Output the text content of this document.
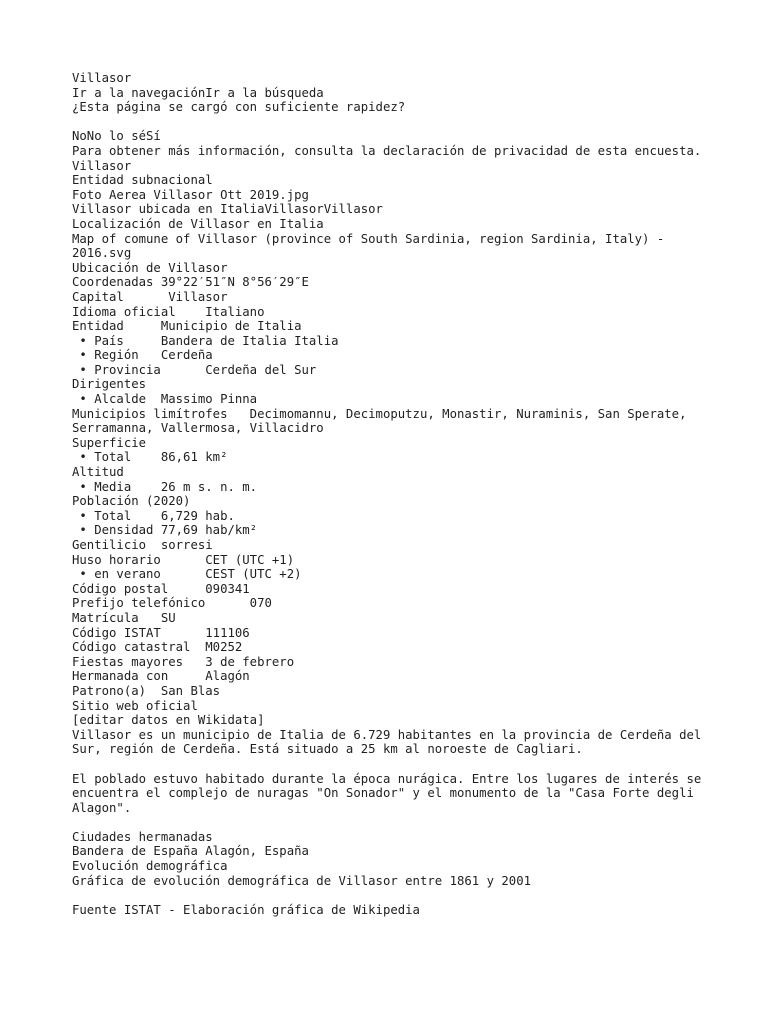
Villasor
Ir a la navegaciónIr a la búsqueda
¿Esta página se cargó con suficiente rapidez?
NoNo lo séSí
Para obtener más información, consulta la declaración de privacidad de esta encuesta.
Villasor
Entidad subnacional
Foto Aerea Villasor Ott 2019.jpg
Villasor ubicada en ItaliaVillasorVillasor
Localización de Villasor en Italia
Map of comune of Villasor (province of South Sardinia, region Sardinia, Italy) - 2016.svg
Ubicación de Villasor
Coordenadas 39°22′51″N 8°56′29″E
Capital      Villasor
Idioma oficial    Italiano
Entidad     Municipio de Italia
• País     Bandera de Italia Italia
• Región   Cerdeña
• Provincia      Cerdeña del Sur
Dirigentes
• Alcalde  Massimo Pinna
Municipios limítrofes   Decimomannu, Decimoputzu, Monastir, Nuraminis, San Sperate, Serramanna, Vallermosa, Villacidro
Superficie
• Total    86,61 km²
Altitud
• Media    26 m s. n. m.
Población (2020)
• Total    6,729 hab.
• Densidad 77,69 hab/km²
Gentilicio  sorresi
Huso horario      CET (UTC +1)
• en verano      CEST (UTC +2)
Código postal     090341
Prefijo telefónico      070
Matrícula   SU
Código ISTAT      111106
Código catastral  M0252
Fiestas mayores   3 de febrero
Hermanada con     Alagón
Patrono(a)  San Blas
Sitio web oficial
[editar datos en Wikidata]
Villasor es un municipio de Italia de 6.729 habitantes en la provincia de Cerdeña del Sur, región de Cerdeña. Está situado a 25 km al noroeste de Cagliari.
El poblado estuvo habitado durante la época nurágica. Entre los lugares de interés se encuentra el complejo de nuragas "On Sonador" y el monumento de la "Casa Forte degli Alagon".
Ciudades hermanadas
Bandera de España Alagón, España
Evolución demográfica
Gráfica de evolución demográfica de Villasor entre 1861 y 2001
Fuente ISTAT - Elaboración gráfica de Wikipedia
